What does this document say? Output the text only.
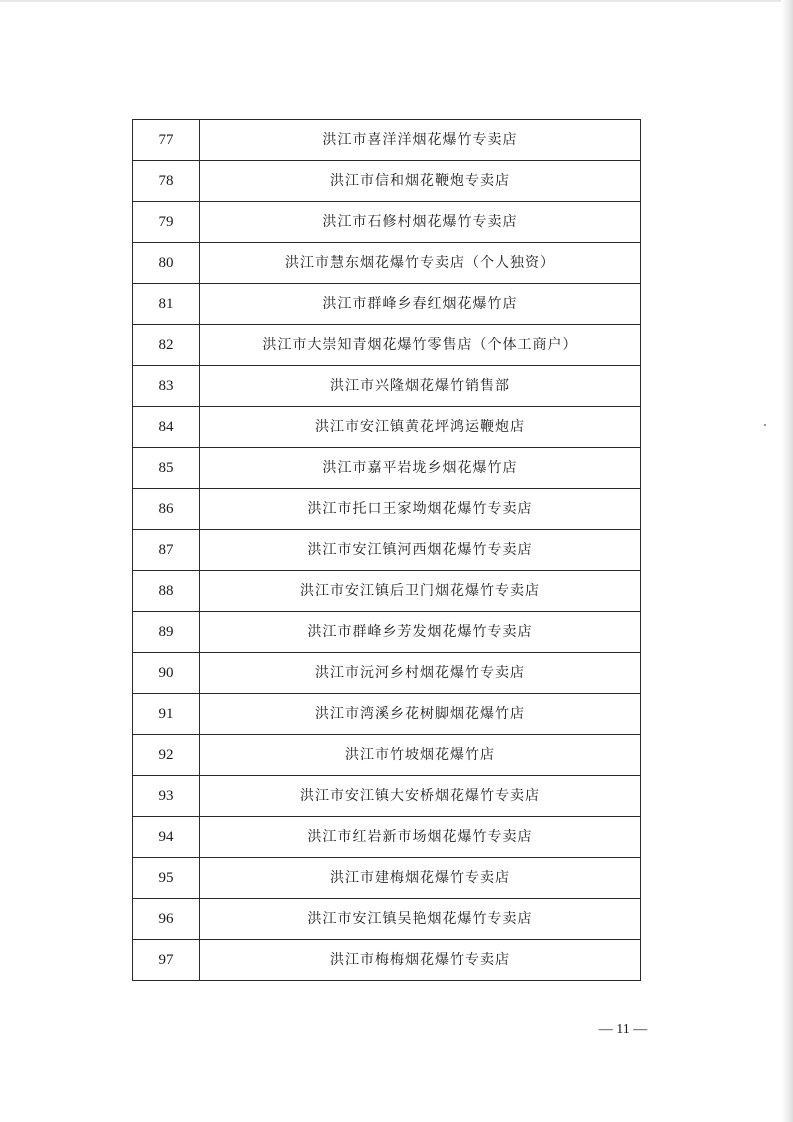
77	洪江市喜洋洋烟花爆竹专卖店
78	洪江市信和烟花鞭炮专卖店
79	洪江市石修村烟花爆竹专卖店
80	洪江市慧东烟花爆竹专卖店（个人独资）
81	洪江市群峰乡春红烟花爆竹店
82	洪江市大崇知青烟花爆竹零售店（个体工商户）
83	洪江市兴隆烟花爆竹销售部
84	洪江市安江镇黄花坪鸿运鞭炮店
85	洪江市嘉平岩垅乡烟花爆竹店
86	洪江市托口王家坳烟花爆竹专卖店
87	洪江市安江镇河西烟花爆竹专卖店
88	洪江市安江镇后卫门烟花爆竹专卖店
89	洪江市群峰乡芳发烟花爆竹专卖店
90	洪江市沅河乡村烟花爆竹专卖店
91	洪江市湾溪乡花树脚烟花爆竹店
92	洪江市竹坡烟花爆竹店
93	洪江市安江镇大安桥烟花爆竹专卖店
94	洪江市红岩新市场烟花爆竹专卖店
95	洪江市建梅烟花爆竹专卖店
96	洪江市安江镇吴艳烟花爆竹专卖店
97	洪江市梅梅烟花爆竹专卖店
— 11 —
